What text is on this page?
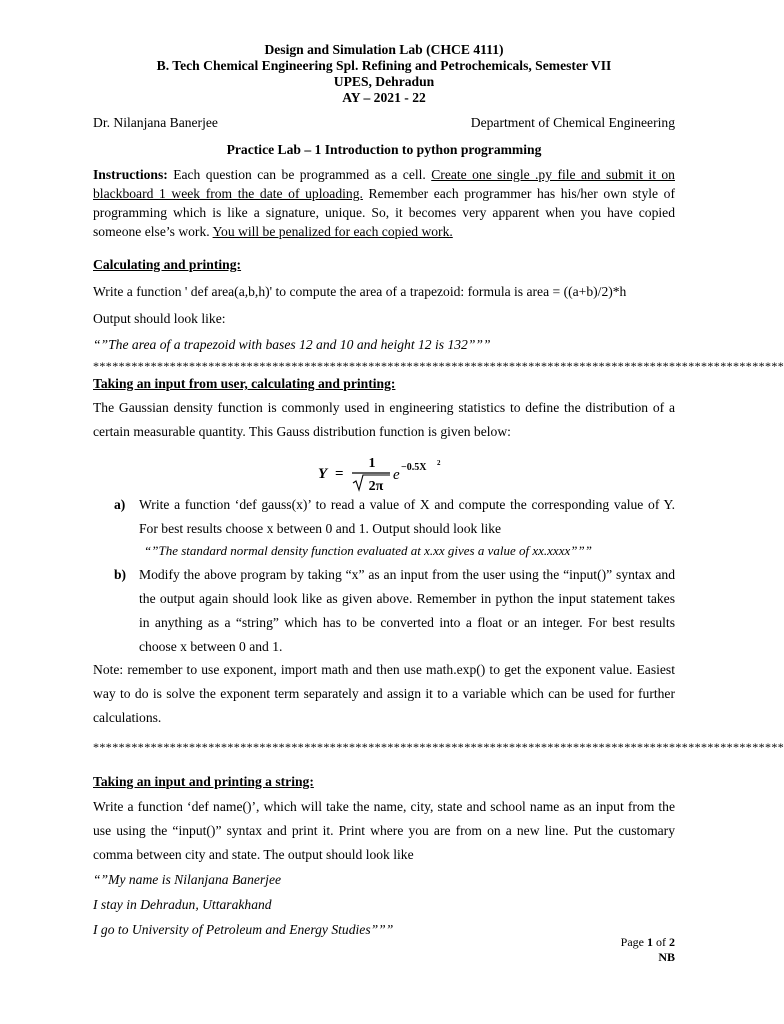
Design and Simulation Lab (CHCE 4111)
B. Tech Chemical Engineering Spl. Refining and Petrochemicals, Semester VII
UPES, Dehradun
AY – 2021 - 22
Dr. Nilanjana Banerjee	Department of Chemical Engineering
Practice Lab – 1 Introduction to python programming
Instructions: Each question can be programmed as a cell. Create one single .py file and submit it on blackboard 1 week from the date of uploading. Remember each programmer has his/her own style of programming which is like a signature, unique. So, it becomes very apparent when you have copied someone else’s work. You will be penalized for each copied work.
Calculating and printing:
Write a function ' def area(a,b,h)' to compute the area of a trapezoid: formula is area = ((a+b)/2)*h
Output should look like:
“”The area of a trapezoid with bases 12 and 10 and height 12 is 132”””
************************************************************************************************************
Taking an input from user, calculating and printing:
The Gaussian density function is commonly used in engineering statistics to define the distribution of a certain measurable quantity. This Gauss distribution function is given below:
Y =
1
2π
e −0.5X 2
a) Write a function ‘def gauss(x)’ to read a value of X and compute the corresponding value of Y. For best results choose x between 0 and 1. Output should look like
“”The standard normal density function evaluated at x.xx gives a value of xx.xxxx”””
b) Modify the above program by taking “x” as an input from the user using the “input()” syntax and the output again should look like as given above. Remember in python the input statement takes in anything as a “string” which has to be converted into a float or an integer. For best results choose x between 0 and 1.
Note: remember to use exponent, import math and then use math.exp() to get the exponent value. Easiest way to do is solve the exponent term separately and assign it to a variable which can be used for further calculations.
************************************************************************************************************
Taking an input and printing a string:
Write a function ‘def name()’, which will take the name, city, state and school name as an input from the use using the “input()” syntax and print it. Print where you are from on a new line. Put the customary comma between city and state. The output should look like
“”My name is Nilanjana Banerjee
I stay in Dehradun, Uttarakhand
I go to University of Petroleum and Energy Studies”””
Page 1 of 2
NB
